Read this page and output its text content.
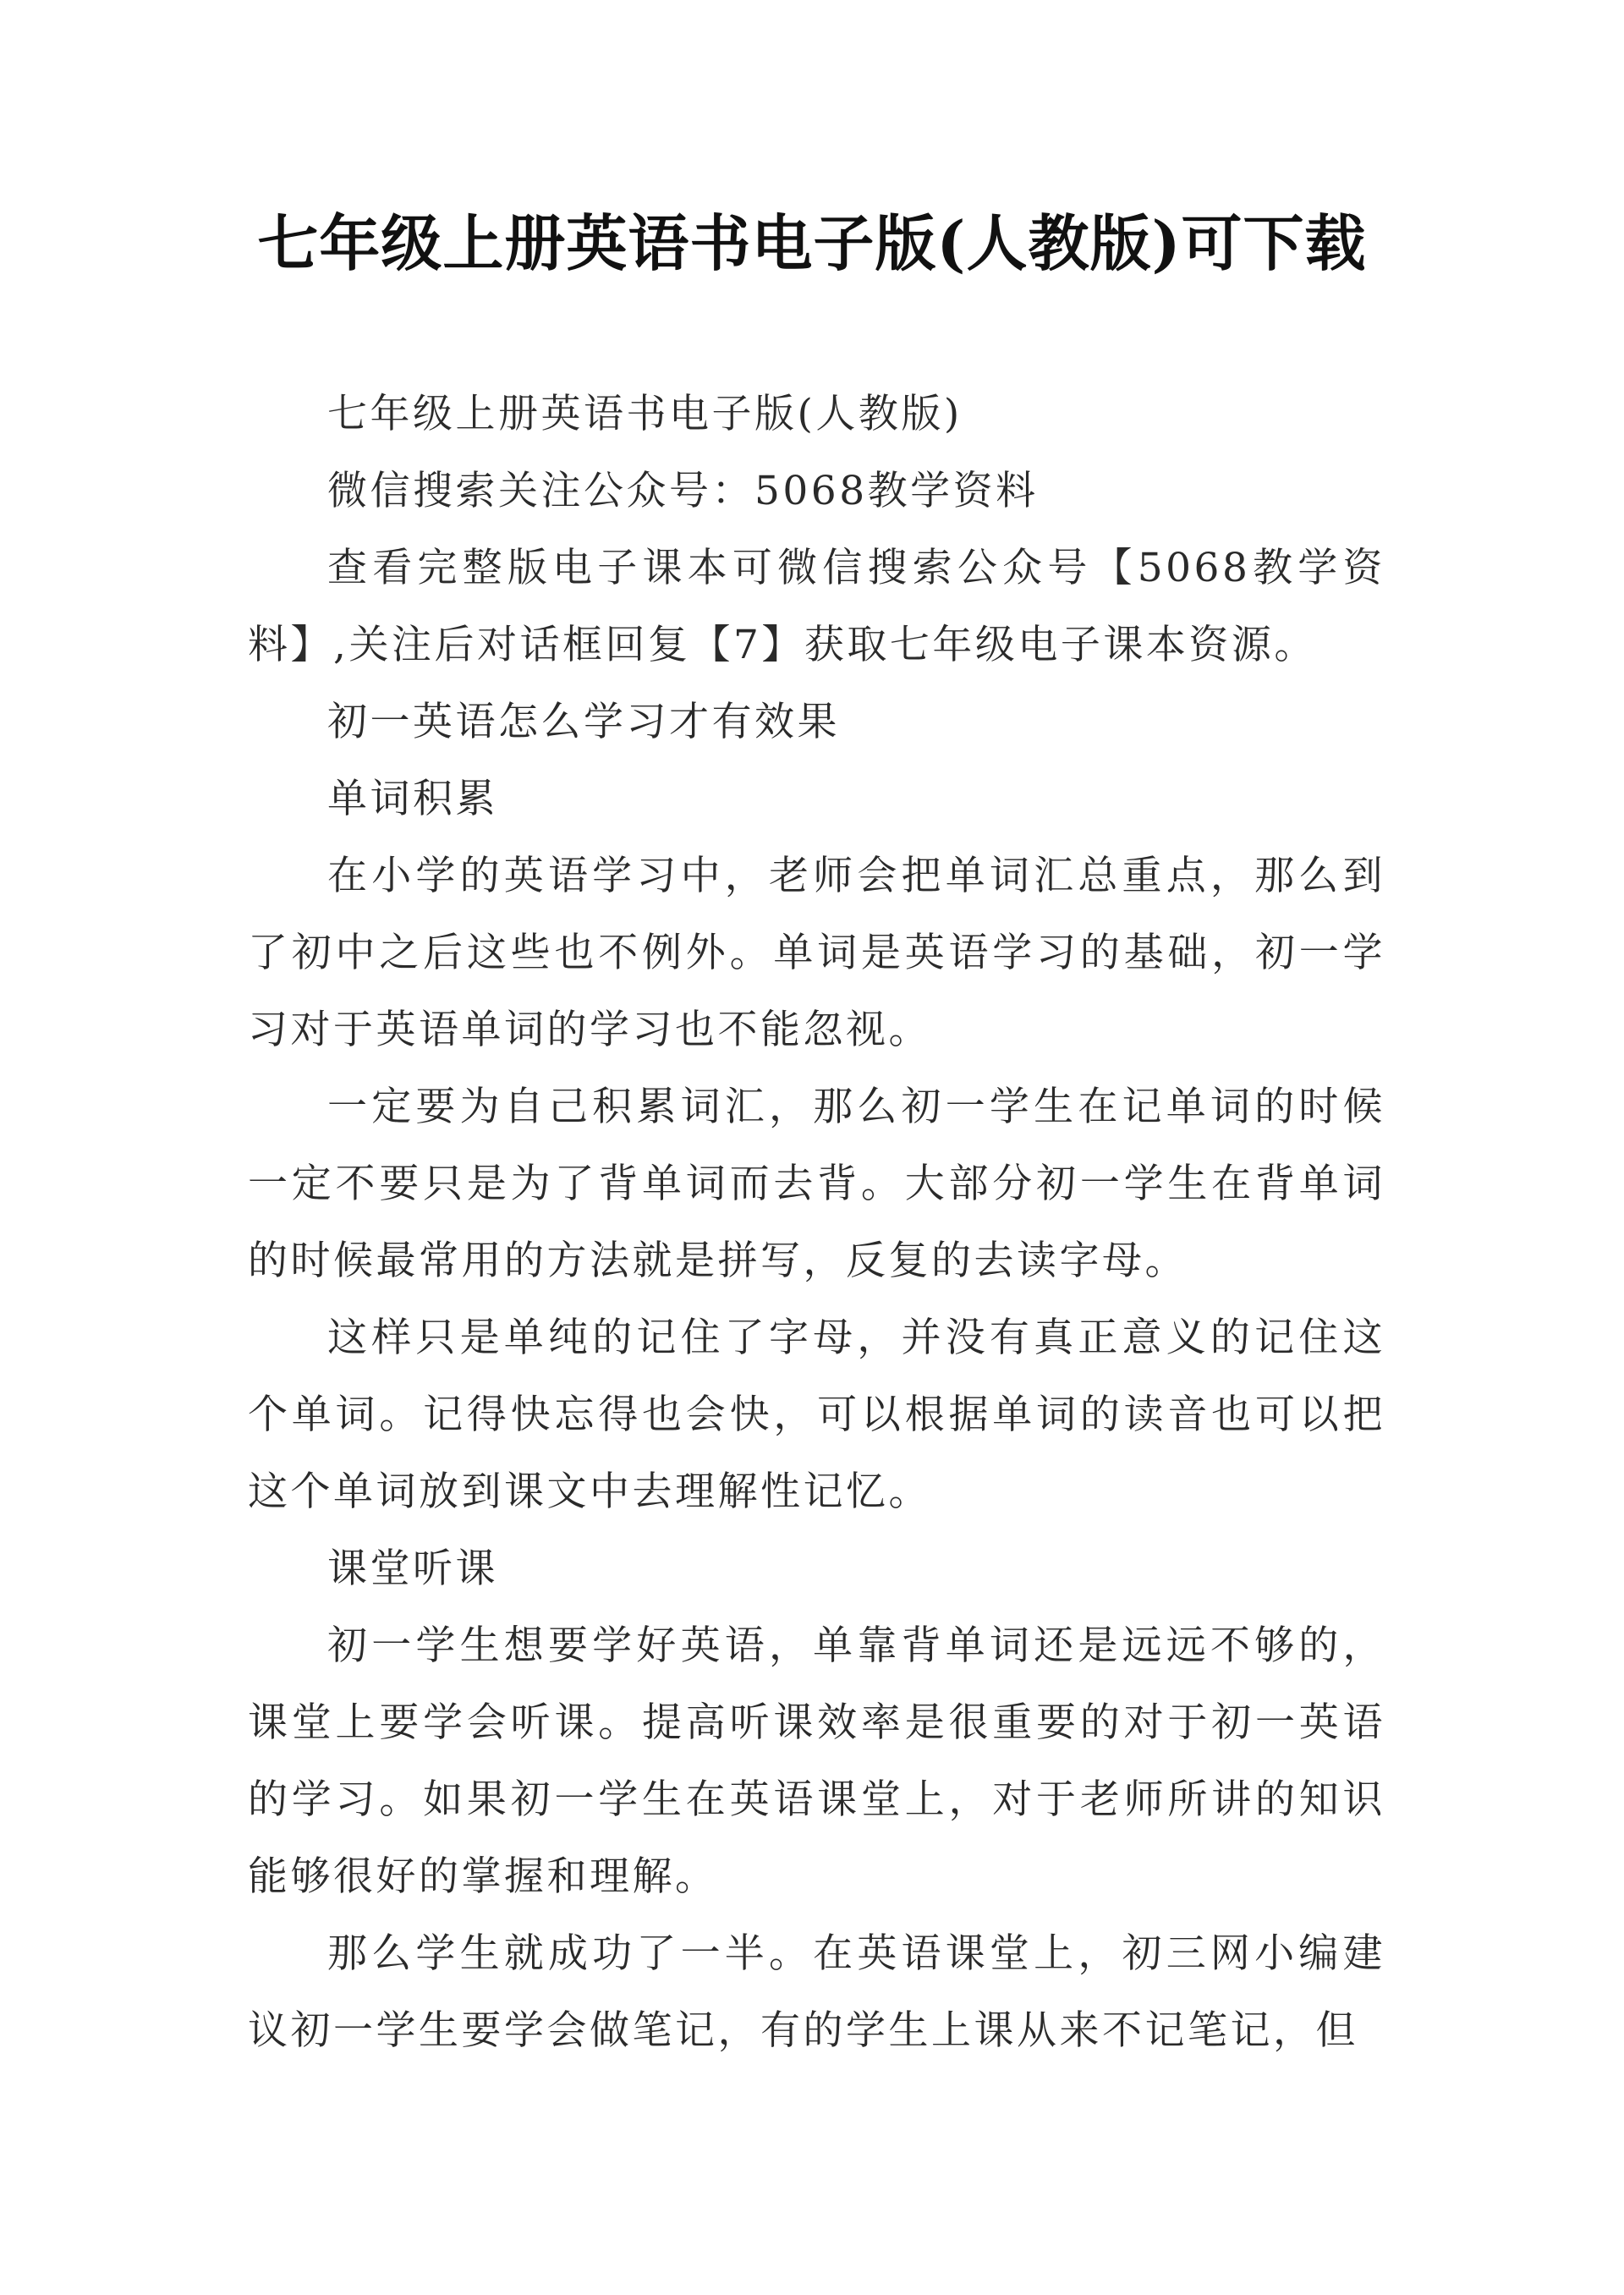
七年级上册英语书电子版(人教版)可下载

七年级上册英语书电子版(人教版)

微信搜索关注公众号：5068教学资料

查看完整版电子课本可微信搜索公众号【5068教学资料】,关注后对话框回复【7】获取七年级电子课本资源。

初一英语怎么学习才有效果

单词积累

在小学的英语学习中，老师会把单词汇总重点，那么到了初中之后这些也不例外。单词是英语学习的基础，初一学习对于英语单词的学习也不能忽视。

一定要为自己积累词汇，那么初一学生在记单词的时候一定不要只是为了背单词而去背。大部分初一学生在背单词的时候最常用的方法就是拼写，反复的去读字母。

这样只是单纯的记住了字母，并没有真正意义的记住这个单词。记得快忘得也会快，可以根据单词的读音也可以把这个单词放到课文中去理解性记忆。

课堂听课

初一学生想要学好英语，单靠背单词还是远远不够的，课堂上要学会听课。提高听课效率是很重要的对于初一英语的学习。如果初一学生在英语课堂上，对于老师所讲的知识能够很好的掌握和理解。

那么学生就成功了一半。在英语课堂上，初三网小编建议初一学生要学会做笔记，有的学生上课从来不记笔记，但
